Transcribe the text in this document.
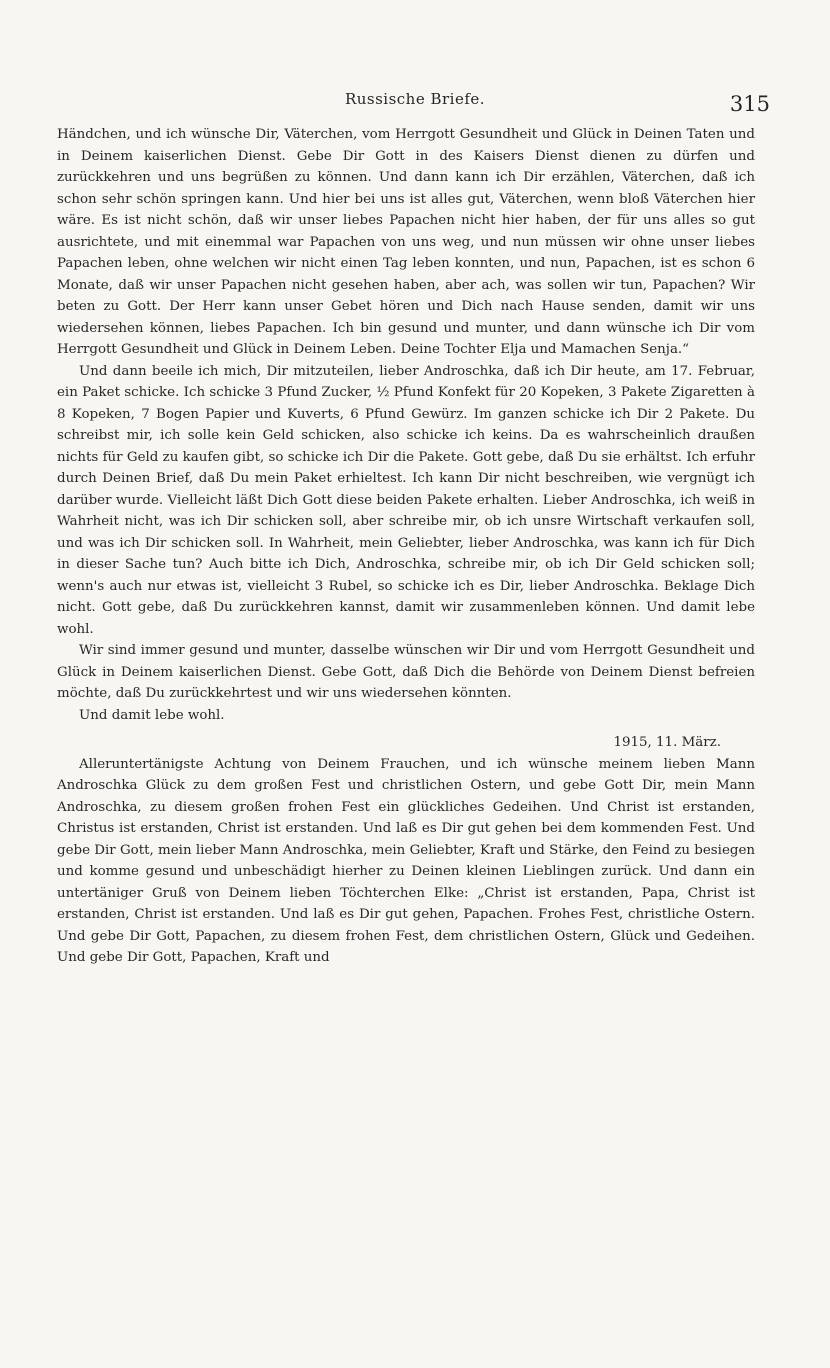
Russische Briefe.	315

Händchen, und ich wünsche Dir, Väterchen, vom Herrgott Gesundheit und Glück in Deinen Taten und in Deinem kaiserlichen Dienst. Gebe Dir Gott in des Kaisers Dienst dienen zu dürfen und zurückkehren und uns begrüßen zu können. Und dann kann ich Dir erzählen, Väterchen, daß ich schon sehr schön springen kann. Und hier bei uns ist alles gut, Väterchen, wenn bloß Väterchen hier wäre. Es ist nicht schön, daß wir unser liebes Papachen nicht hier haben, der für uns alles so gut ausrichtete, und mit einemmal war Papachen von uns weg, und nun müssen wir ohne unser liebes Papachen leben, ohne welchen wir nicht einen Tag leben konnten, und nun, Papachen, ist es schon 6 Monate, daß wir unser Papachen nicht gesehen haben, aber ach, was sollen wir tun, Papachen? Wir beten zu Gott. Der Herr kann unser Gebet hören und Dich nach Hause senden, damit wir uns wiedersehen können, liebes Papachen. Ich bin gesund und munter, und dann wünsche ich Dir vom Herrgott Gesundheit und Glück in Deinem Leben. Deine Tochter Elja und Mamachen Senja.“

Und dann beeile ich mich, Dir mitzuteilen, lieber Androschka, daß ich Dir heute, am 17. Februar, ein Paket schicke. Ich schicke 3 Pfund Zucker, ½ Pfund Konfekt für 20 Kopeken, 3 Pakete Zigaretten à 8 Kopeken, 7 Bogen Papier und Kuverts, 6 Pfund Gewürz. Im ganzen schicke ich Dir 2 Pakete. Du schreibst mir, ich solle kein Geld schicken, also schicke ich keins. Da es wahrscheinlich draußen nichts für Geld zu kaufen gibt, so schicke ich Dir die Pakete. Gott gebe, daß Du sie erhältst. Ich erfuhr durch Deinen Brief, daß Du mein Paket erhieltest. Ich kann Dir nicht beschreiben, wie vergnügt ich darüber wurde. Vielleicht läßt Dich Gott diese beiden Pakete erhalten. Lieber Androschka, ich weiß in Wahrheit nicht, was ich Dir schicken soll, aber schreibe mir, ob ich unsre Wirtschaft verkaufen soll, und was ich Dir schicken soll. In Wahrheit, mein Geliebter, lieber Androschka, was kann ich für Dich in dieser Sache tun? Auch bitte ich Dich, Androschka, schreibe mir, ob ich Dir Geld schicken soll; wenn's auch nur etwas ist, vielleicht 3 Rubel, so schicke ich es Dir, lieber Androschka. Beklage Dich nicht. Gott gebe, daß Du zurückkehren kannst, damit wir zusammenleben können. Und damit lebe wohl.

Wir sind immer gesund und munter, dasselbe wünschen wir Dir und vom Herrgott Gesundheit und Glück in Deinem kaiserlichen Dienst. Gebe Gott, daß Dich die Behörde von Deinem Dienst befreien möchte, daß Du zurückkehrtest und wir uns wiedersehen könnten.

Und damit lebe wohl.

1915, 11. März.

Alleruntertänigste Achtung von Deinem Frauchen, und ich wünsche meinem lieben Mann Androschka Glück zu dem großen Fest und christlichen Ostern, und gebe Gott Dir, mein Mann Androschka, zu diesem großen frohen Fest ein glückliches Gedeihen. Und Christ ist erstanden, Christus ist erstanden, Christ ist erstanden. Und laß es Dir gut gehen bei dem kommenden Fest. Und gebe Dir Gott, mein lieber Mann Androschka, mein Geliebter, Kraft und Stärke, den Feind zu besiegen und komme gesund und unbeschädigt hierher zu Deinen kleinen Lieblingen zurück. Und dann ein untertäniger Gruß von Deinem lieben Töchterchen Elke: „Christ ist erstanden, Papa, Christ ist erstanden, Christ ist erstanden. Und laß es Dir gut gehen, Papachen. Frohes Fest, christliche Ostern. Und gebe Dir Gott, Papachen, zu diesem frohen Fest, dem christlichen Ostern, Glück und Gedeihen. Und gebe Dir Gott, Papachen, Kraft und
